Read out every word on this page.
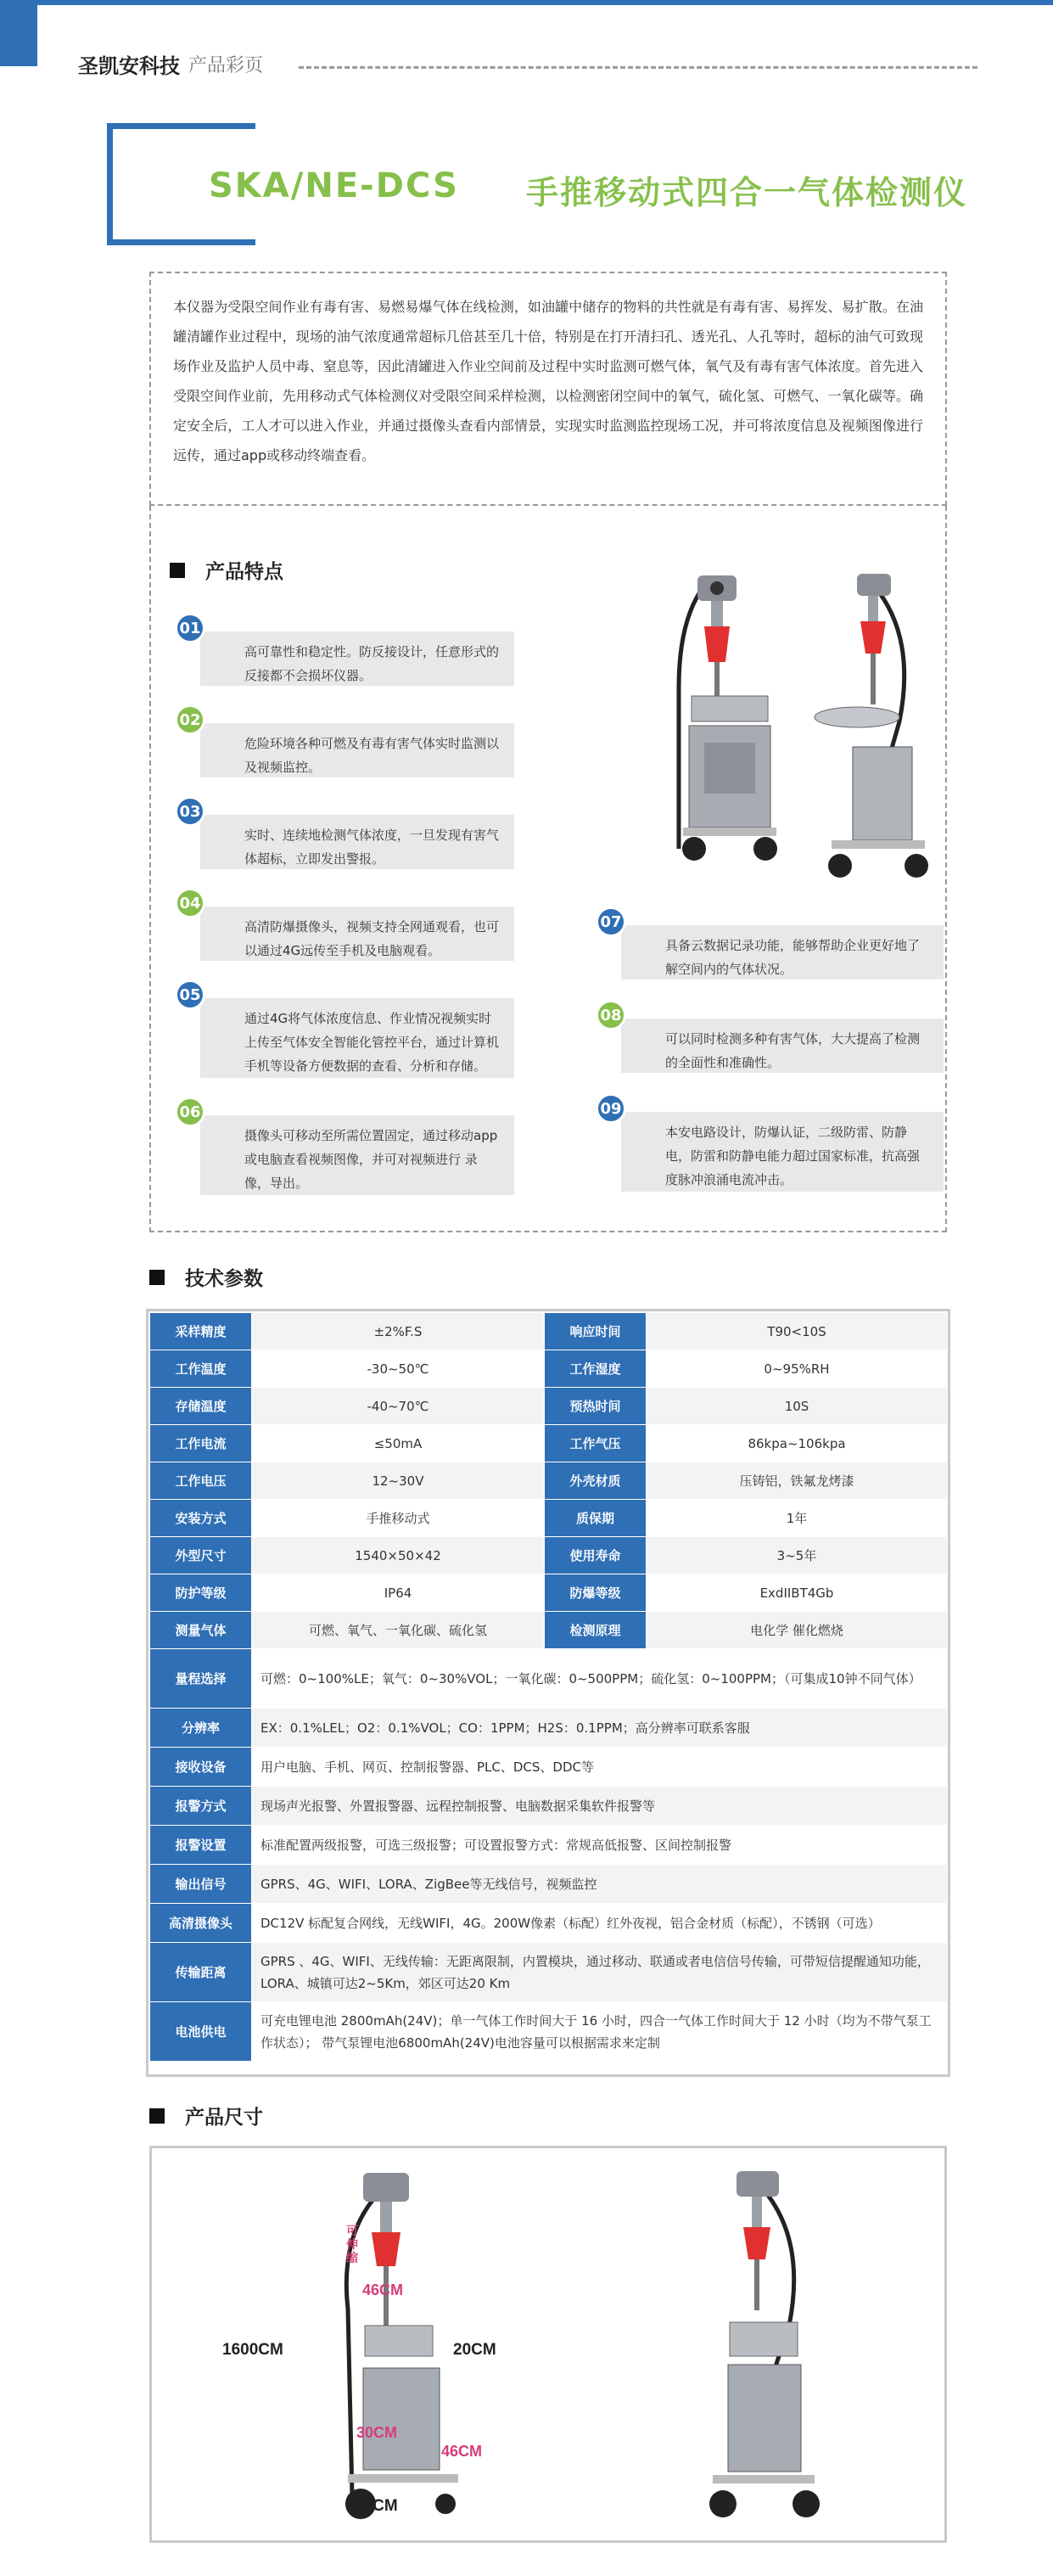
圣凯安科技 产品彩页
SKA/NE-DCS 手推移动式四合一气体检测仪

本仪器为受限空间作业有毒有害、易燃易爆气体在线检测，如油罐中储存的物料的共性就是有毒有害、易挥发、易扩散。在油罐清罐作业过程中，现场的油气浓度通常超标几倍甚至几十倍，特别是在打开清扫孔、透光孔、人孔等时，超标的油气可致现场作业及监护人员中毒、窒息等，因此清罐进入作业空间前及过程中实时监测可燃气体，氧气及有毒有害气体浓度。首先进入受限空间作业前，先用移动式气体检测仪对受限空间采样检测，以检测密闭空间中的氧气，硫化氢、可燃气、一氧化碳等。确定安全后，工人才可以进入作业，并通过摄像头查看内部情景，实现实时监测监控现场工况，并可将浓度信息及视频图像进行远传，通过app或移动终端查看。

产品特点
高可靠性和稳定性。防反接设计，任意形式的反接都不会损坏仪器。
01
危险环境各种可燃及有毒有害气体实时监测以及视频监控。
02
实时、连续地检测气体浓度，一旦发现有害气体超标，立即发出警报。
03
高清防爆摄像头，视频支持全网通观看，也可以通过4G远传至手机及电脑观看。
04
通过4G将气体浓度信息、作业情况视频实时上传至气体安全智能化管控平台，通过计算机手机等设备方便数据的查看、分析和存储。
05
摄像头可移动至所需位置固定，通过移动app或电脑查看视频图像，并可对视频进行 录像，导出。
06
具备云数据记录功能，能够帮助企业更好地了解空间内的气体状况。
07
可以同时检测多种有害气体，大大提高了检测的全面性和准确性。
08
本安电路设计，防爆认证，二级防雷、防静电，防雷和防静电能力超过国家标准，抗高强度脉冲浪涌电流冲击。
09
技术参数
采样精度	±2%F.S	响应时间	T90<10S
工作温度	-30~50℃	工作湿度	0~95%RH
存储温度	-40~70℃	预热时间	10S
工作电流	≤50mA	工作气压	86kpa~106kpa
工作电压	12~30V	外壳材质	压铸铝，铁氟龙烤漆
安装方式	手推移动式	质保期	1年
外型尺寸	1540×50×42	使用寿命	3~5年
防护等级	IP64	防爆等级	ExdIIBT4Gb
测量气体	可燃、氧气、一氧化碳、硫化氢	检测原理	电化学 催化燃烧
量程选择	可燃：0~100%LE；氧气：0~30%VOL；一氧化碳：0~500PPM；硫化氢：0~100PPM；（可集成10钟不同气体）		
分辨率	EX：0.1%LEL；O2：0.1%VOL；CO：1PPM；H2S：0.1PPM；高分辨率可联系客服		
接收设备	用户电脑、手机、网页、控制报警器、PLC、DCS、DDC等		
报警方式	现场声光报警、外置报警器、远程控制报警、电脑数据采集软件报警等		
报警设置	标准配置两级报警，可选三级报警；可设置报警方式：常规高低报警、区间控制报警		
输出信号	GPRS、4G、WIFI、LORA、ZigBee等无线信号，视频监控		
高清摄像头	DC12V 标配复合网线，无线WIFI，4G。200W像素（标配）红外夜视，铝合金材质（标配），不锈钢（可选）		
传输距离	GPRS 、4G、WIFI、无线传输：无距离限制，内置模块，通过移动、联通或者电信信号传输，可带短信提醒通知功能，LORA、城镇可达2~5Km，郊区可达20 Km		
电池供电	可充电锂电池 2800mAh(24V)；单一气体工作时间大于 16 小时，四合一气体工作时间大于 12 小时（均为不带气泵工作状态）； 带气泵锂电池6800mAh(24V)电池容量可以根据需求来定制		
产品尺寸
1600CM
46CM
可伸缩
20CM
30CM
46CM
50CM
